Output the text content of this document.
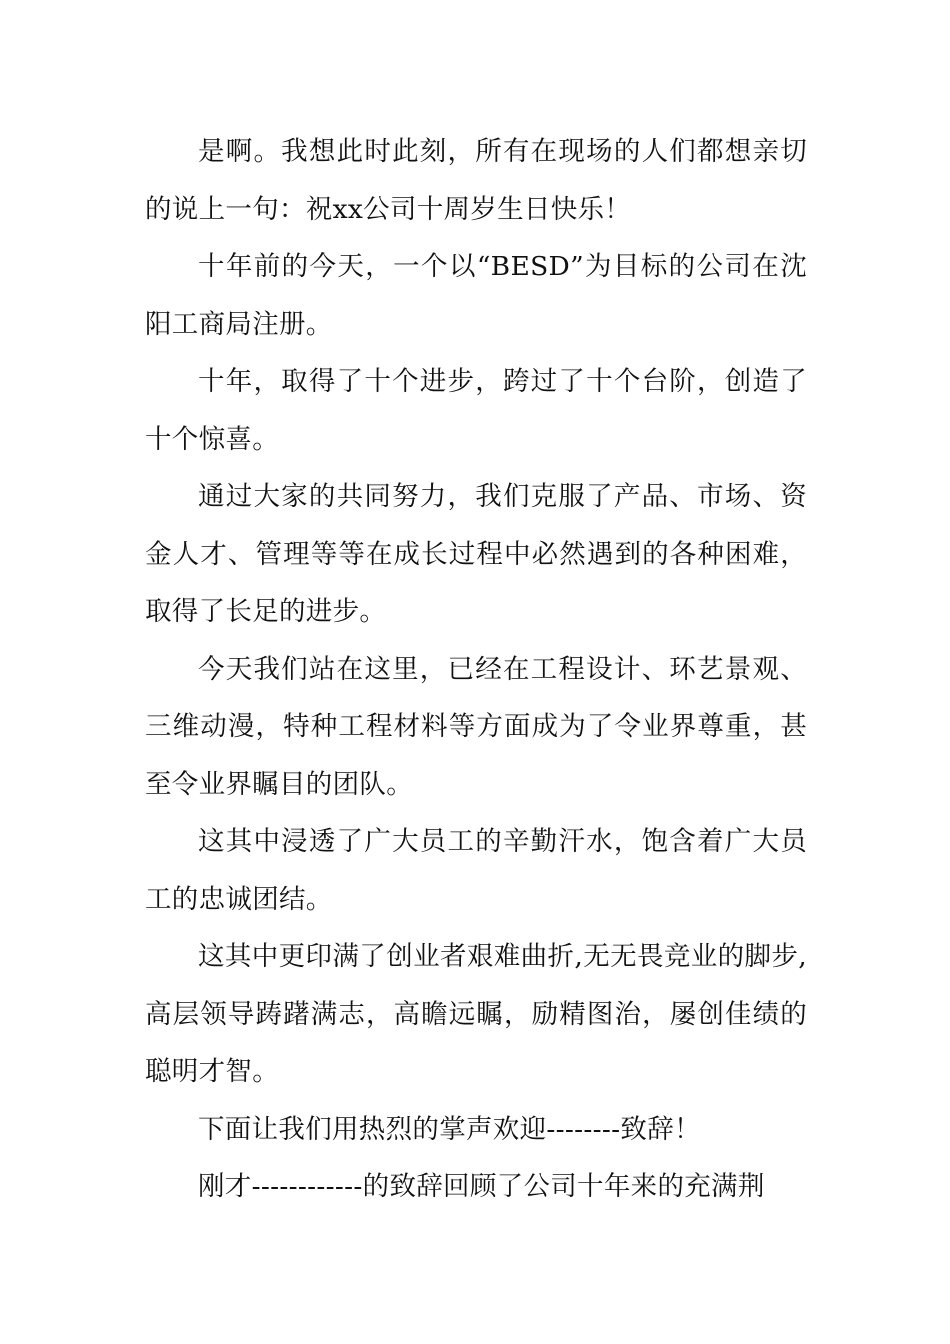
是啊。我想此时此刻，所有在现场的人们都想亲切的说上一句：祝xx公司十周岁生日快乐！

十年前的今天，一个以“BESD”为目标的公司在沈阳工商局注册。

十年，取得了十个进步，跨过了十个台阶，创造了十个惊喜。

通过大家的共同努力，我们克服了产品、市场、资金人才、管理等等在成长过程中必然遇到的各种困难，取得了长足的进步。

今天我们站在这里，已经在工程设计、环艺景观、三维动漫，特种工程材料等方面成为了令业界尊重，甚至令业界瞩目的团队。

这其中浸透了广大员工的辛勤汗水，饱含着广大员工的忠诚团结。

这其中更印满了创业者艰难曲折,无无畏竞业的脚步,高层领导踌躇满志，高瞻远瞩，励精图治，屡创佳绩的聪明才智。

下面让我们用热烈的掌声欢迎--------致辞！

刚才------------的致辞回顾了公司十年来的充满荆
